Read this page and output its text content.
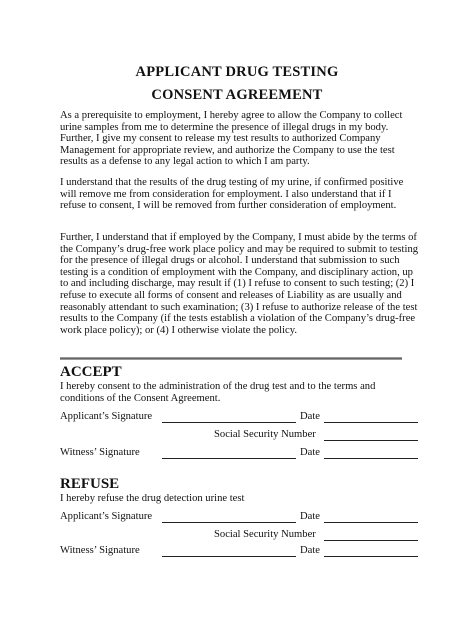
APPLICANT DRUG TESTING
CONSENT AGREEMENT

As a prerequisite to employment, I hereby agree to allow the Company to collect urine samples from me to determine the presence of illegal drugs in my body. Further, I give my consent to release my test results to authorized Company Management for appropriate review, and authorize the Company to use the test results as a defense to any legal action to which I am party.

I understand that the results of the drug testing of my urine, if confirmed positive will remove me from consideration for employment. I also understand that if I refuse to consent, I will be removed from further consideration of employment.

Further, I understand that if employed by the Company, I must abide by the terms of the Company’s drug-free work place policy and may be required to submit to testing for the presence of illegal drugs or alcohol. I understand that submission to such testing is a condition of employment with the Company, and disciplinary action, up to and including discharge, may result if (1) I refuse to consent to such testing; (2) I refuse to execute all forms of consent and releases of Liability as are usually and reasonably attendant to such examination; (3) I refuse to authorize release of the test results to the Company (if the tests establish a violation of the Company’s drug-free work place policy); or (4) I otherwise violate the policy.

ACCEPT

I hereby consent to the administration of the drug test and to the terms and conditions of the Consent Agreement.

Applicant’s Signature	Date
Social Security Number
Witness’ Signature	Date
REFUSE

I hereby refuse the drug detection urine test

Applicant’s Signature	Date
Social Security Number
Witness’ Signature	Date
